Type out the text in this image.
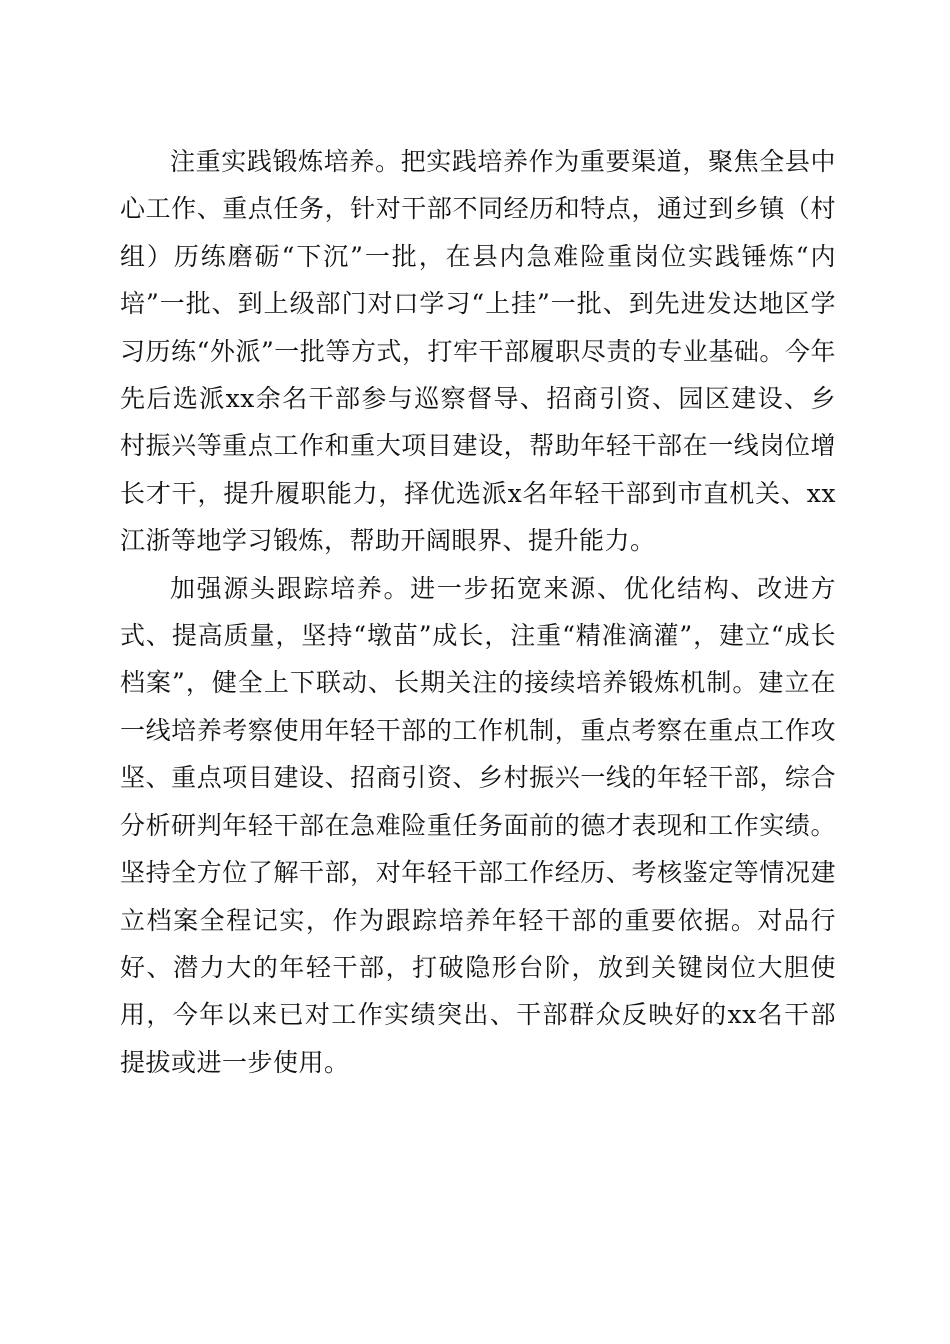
注重实践锻炼培养。把实践培养作为重要渠道，聚焦全县中心工作、重点任务，针对干部不同经历和特点，通过到乡镇（村组）历练磨砺“下沉”一批，在县内急难险重岗位实践锤炼“内培”一批、到上级部门对口学习“上挂”一批、到先进发达地区学习历练“外派”一批等方式，打牢干部履职尽责的专业基础。今年先后选派xx余名干部参与巡察督导、招商引资、园区建设、乡村振兴等重点工作和重大项目建设，帮助年轻干部在一线岗位增长才干，提升履职能力，择优选派x名年轻干部到市直机关、xx江浙等地学习锻炼，帮助开阔眼界、提升能力。

加强源头跟踪培养。进一步拓宽来源、优化结构、改进方式、提高质量，坚持“墩苗”成长，注重“精准滴灌”，建立“成长档案”，健全上下联动、长期关注的接续培养锻炼机制。建立在一线培养考察使用年轻干部的工作机制，重点考察在重点工作攻坚、重点项目建设、招商引资、乡村振兴一线的年轻干部，综合分析研判年轻干部在急难险重任务面前的德才表现和工作实绩。坚持全方位了解干部，对年轻干部工作经历、考核鉴定等情况建立档案全程记实，作为跟踪培养年轻干部的重要依据。对品行好、潜力大的年轻干部，打破隐形台阶，放到关键岗位大胆使用，今年以来已对工作实绩突出、干部群众反映好的xx名干部提拔或进一步使用。
